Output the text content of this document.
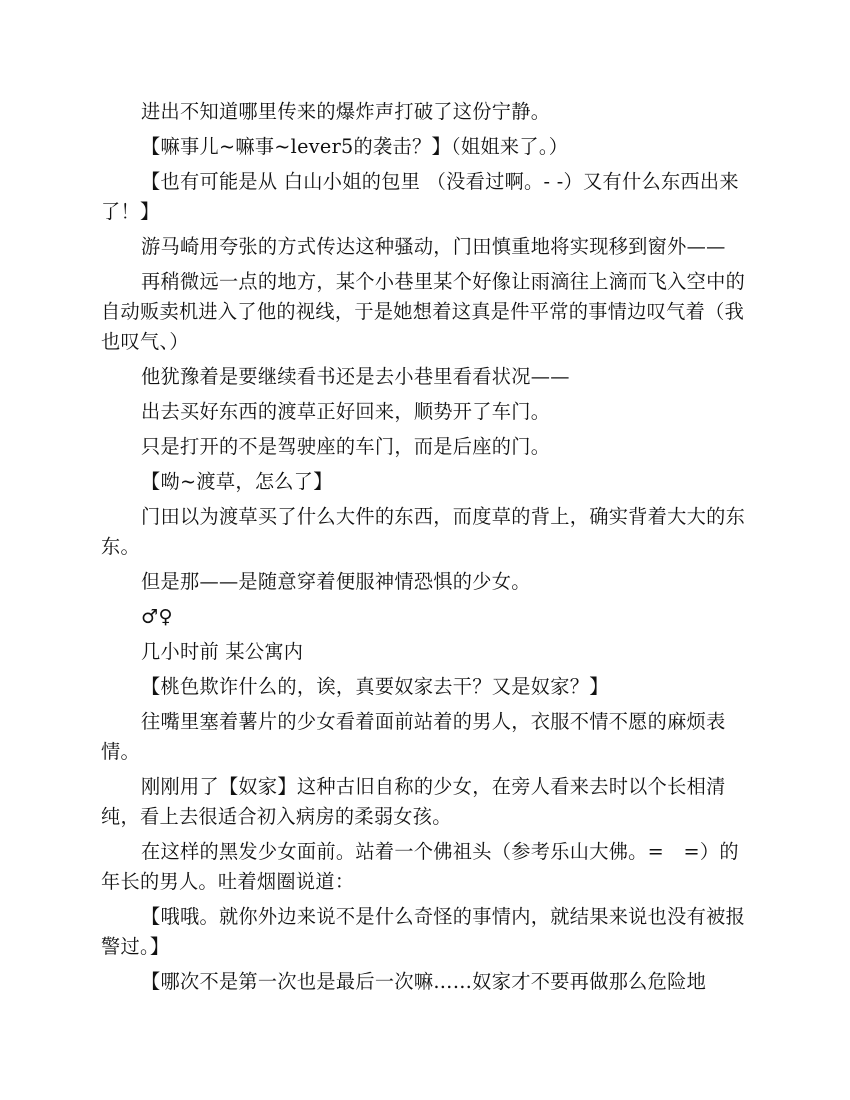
进出不知道哪里传来的爆炸声打破了这份宁静。

【嘛事儿~嘛事~lever5的袭击？】（姐姐来了。）

【也有可能是从 白山小姐的包里 （没看过啊。- -）又有什么东西出来了！】

游马崎用夸张的方式传达这种骚动，门田慎重地将实现移到窗外——

再稍微远一点的地方，某个小巷里某个好像让雨滴往上滴而飞入空中的自动贩卖机进入了他的视线，于是她想着这真是件平常的事情边叹气着（我也叹气、）

他犹豫着是要继续看书还是去小巷里看看状况——

出去买好东西的渡草正好回来，顺势开了车门。

只是打开的不是驾驶座的车门，而是后座的门。

【呦~渡草，怎么了】

门田以为渡草买了什么大件的东西，而度草的背上，确实背着大大的东东。

但是那——是随意穿着便服神情恐惧的少女。

♂♀

几小时前 某公寓内

【桃色欺诈什么的，诶，真要奴家去干？又是奴家？】

往嘴里塞着薯片的少女看着面前站着的男人，衣服不情不愿的麻烦表情。

刚刚用了【奴家】这种古旧自称的少女，在旁人看来去时以个长相清纯，看上去很适合初入病房的柔弱女孩。

在这样的黑发少女面前。站着一个佛祖头（参考乐山大佛。=　=）的年长的男人。吐着烟圈说道：

【哦哦。就你外边来说不是什么奇怪的事情内，就结果来说也没有被报警过。】

【哪次不是第一次也是最后一次嘛……奴家才不要再做那么危险地
